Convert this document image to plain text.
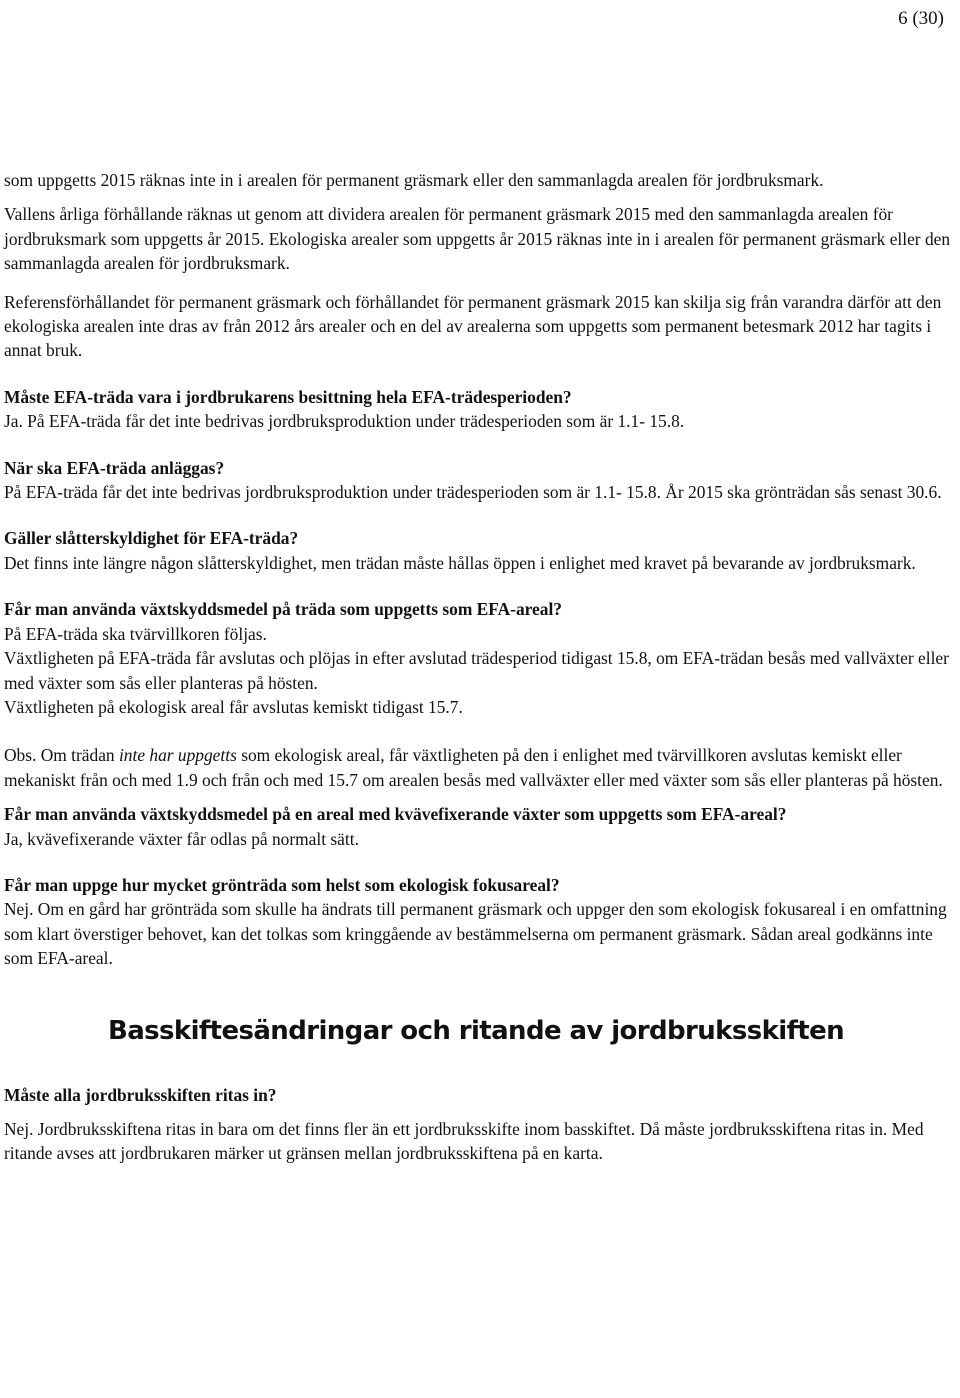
6 (30)

som uppgetts 2015 räknas inte in i arealen för permanent gräsmark eller den sammanlagda arealen för jordbruksmark.

Vallens årliga förhållande räknas ut genom att dividera arealen för permanent gräsmark 2015 med den sammanlagda arealen för jordbruksmark som uppgetts år 2015. Ekologiska arealer som uppgetts år 2015 räknas inte in i arealen för permanent gräsmark eller den sammanlagda arealen för jordbruksmark.

Referensförhållandet för permanent gräsmark och förhållandet för permanent gräsmark 2015 kan skilja sig från varandra därför att den ekologiska arealen inte dras av från 2012 års arealer och en del av arealerna som uppgetts som permanent betesmark 2012 har tagits i annat bruk.

Måste EFA-träda vara i jordbrukarens besittning hela EFA-trädesperioden?
Ja. På EFA-träda får det inte bedrivas jordbruksproduktion under trädesperioden som är 1.1- 15.8.

När ska EFA-träda anläggas?
På EFA-träda får det inte bedrivas jordbruksproduktion under trädesperioden som är 1.1- 15.8. År 2015 ska grönträdan sås senast 30.6.

Gäller slåtterskyldighet för EFA-träda?
Det finns inte längre någon slåtterskyldighet, men trädan måste hållas öppen i enlighet med kravet på bevarande av jordbruksmark.

Får man använda växtskyddsmedel på träda som uppgetts som EFA-areal?
På EFA-träda ska tvärvillkoren följas.
Växtligheten på EFA-träda får avslutas och plöjas in efter avslutad trädesperiod tidigast 15.8, om EFA-trädan besås med vallväxter eller med växter som sås eller planteras på hösten.
Växtligheten på ekologisk areal får avslutas kemiskt tidigast 15.7.

Obs. Om trädan inte har uppgetts som ekologisk areal, får växtligheten på den i enlighet med tvärvillkoren avslutas kemiskt eller mekaniskt från och med 1.9 och från och med 15.7 om arealen besås med vallväxter eller med växter som sås eller planteras på hösten.

Får man använda växtskyddsmedel på en areal med kvävefixerande växter som uppgetts som EFA-areal?
Ja, kvävefixerande växter får odlas på normalt sätt.

Får man uppge hur mycket grönträda som helst som ekologisk fokusareal?
Nej. Om en gård har grönträda som skulle ha ändrats till permanent gräsmark och uppger den som ekologisk fokusareal i en omfattning som klart överstiger behovet, kan det tolkas som kringgående av bestämmelserna om permanent gräsmark. Sådan areal godkänns inte som EFA-areal.

Basskiftesändringar och ritande av jordbruksskiften

Måste alla jordbruksskiften ritas in?

Nej. Jordbruksskiftena ritas in bara om det finns fler än ett jordbruksskifte inom basskiftet. Då måste jordbruksskiftena ritas in. Med ritande avses att jordbrukaren märker ut gränsen mellan jordbruksskiftena på en karta.
